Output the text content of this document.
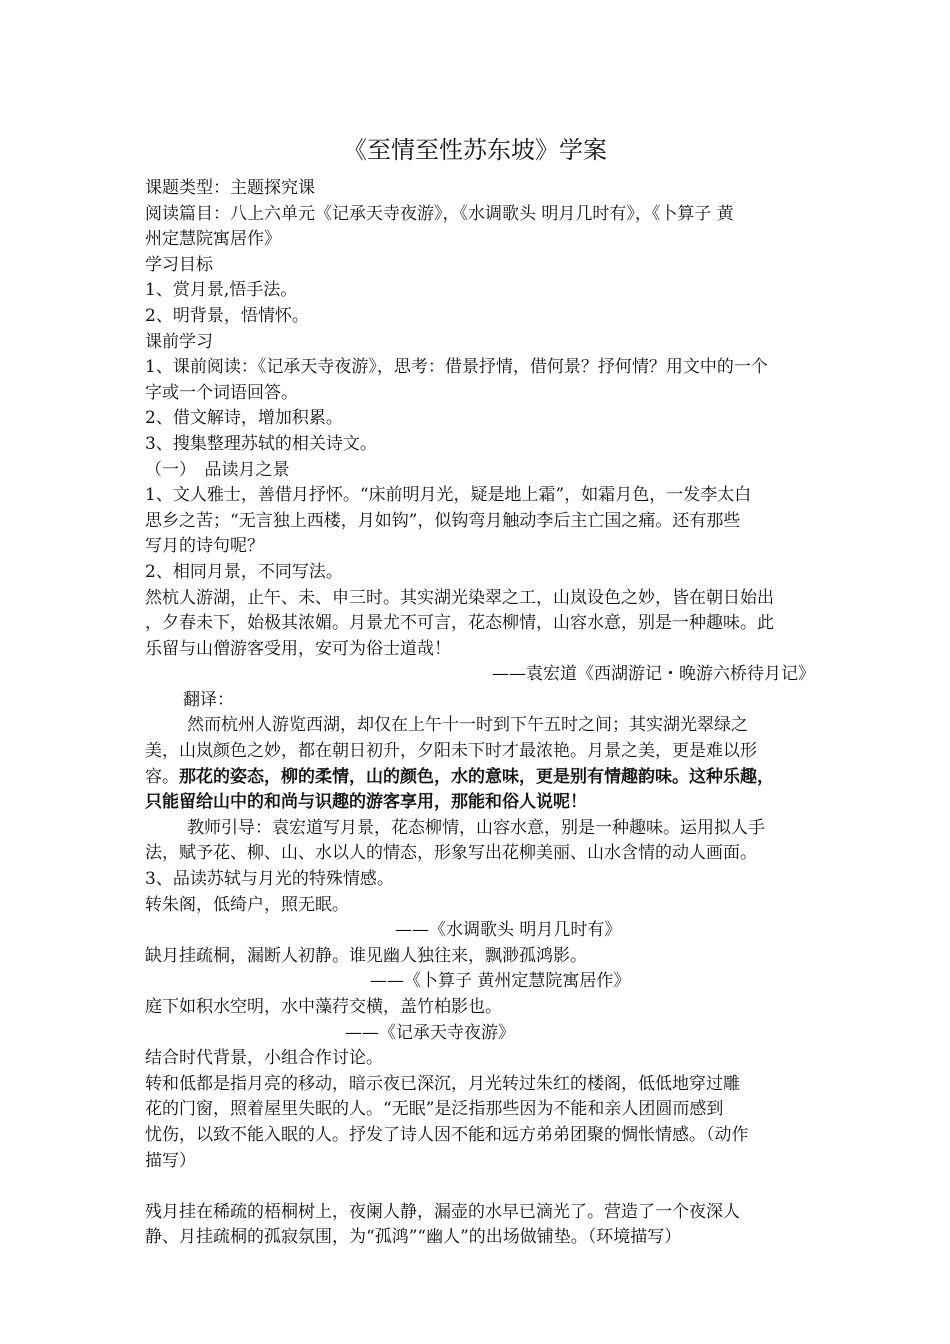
《至情至性苏东坡》学案

课题类型：主题探究课

阅读篇目：八上六单元《记承天寺夜游》，《水调歌头 明月几时有》，《卜算子 黄

州定慧院寓居作》

学习目标

1、赏月景,悟手法。

2、明背景，悟情怀。

课前学习

1、课前阅读：《记承天寺夜游》，思考：借景抒情，借何景？抒何情？用文中的一个

字或一个词语回答。

2、借文解诗，增加积累。

3、搜集整理苏轼的相关诗文。

（一）　品读月之景

1、文人雅士，善借月抒怀。“床前明月光，疑是地上霜”，如霜月色，一发李太白

思乡之苦；“无言独上西楼，月如钩”，似钩弯月触动李后主亡国之痛。还有那些

写月的诗句呢？

2、相同月景，不同写法。

然杭人游湖，止午、未、申三时。其实湖光染翠之工，山岚设色之妙，皆在朝日始出

，夕春未下，始极其浓媚。月景尤不可言，花态柳情，山容水意，别是一种趣味。此

乐留与山僧游客受用，安可为俗士道哉！

——袁宏道《西湖游记・晚游六桥待月记》

翻译：

然而杭州人游览西湖，却仅在上午十一时到下午五时之间；其实湖光翠绿之

美，山岚颜色之妙，都在朝日初升，夕阳未下时才最浓艳。月景之美，更是难以形

容。那花的姿态，柳的柔情，山的颜色，水的意味，更是别有情趣韵味。这种乐趣，

只能留给山中的和尚与识趣的游客享用，那能和俗人说呢！

教师引导：袁宏道写月景，花态柳情，山容水意，别是一种趣味。运用拟人手

法，赋予花、柳、山、水以人的情态，形象写出花柳美丽、山水含情的动人画面。

3、品读苏轼与月光的特殊情感。

转朱阁，低绮户，照无眠。

——《水调歌头 明月几时有》

缺月挂疏桐，漏断人初静。谁见幽人独往来，飘渺孤鸿影。

——《卜算子 黄州定慧院寓居作》

庭下如积水空明，水中藻荇交横，盖竹柏影也。

——《记承天寺夜游》

结合时代背景，小组合作讨论。

转和低都是指月亮的移动，暗示夜已深沉，月光转过朱红的楼阁，低低地穿过雕

花的门窗，照着屋里失眠的人。“无眠”是泛指那些因为不能和亲人团圆而感到

忧伤，以致不能入眠的人。抒发了诗人因不能和远方弟弟团聚的惆怅情感。（动作

描写）

残月挂在稀疏的梧桐树上，夜阑人静，漏壶的水早已滴光了。营造了一个夜深人

静、月挂疏桐的孤寂氛围，为“孤鸿”“幽人”的出场做铺垫。（环境描写）
